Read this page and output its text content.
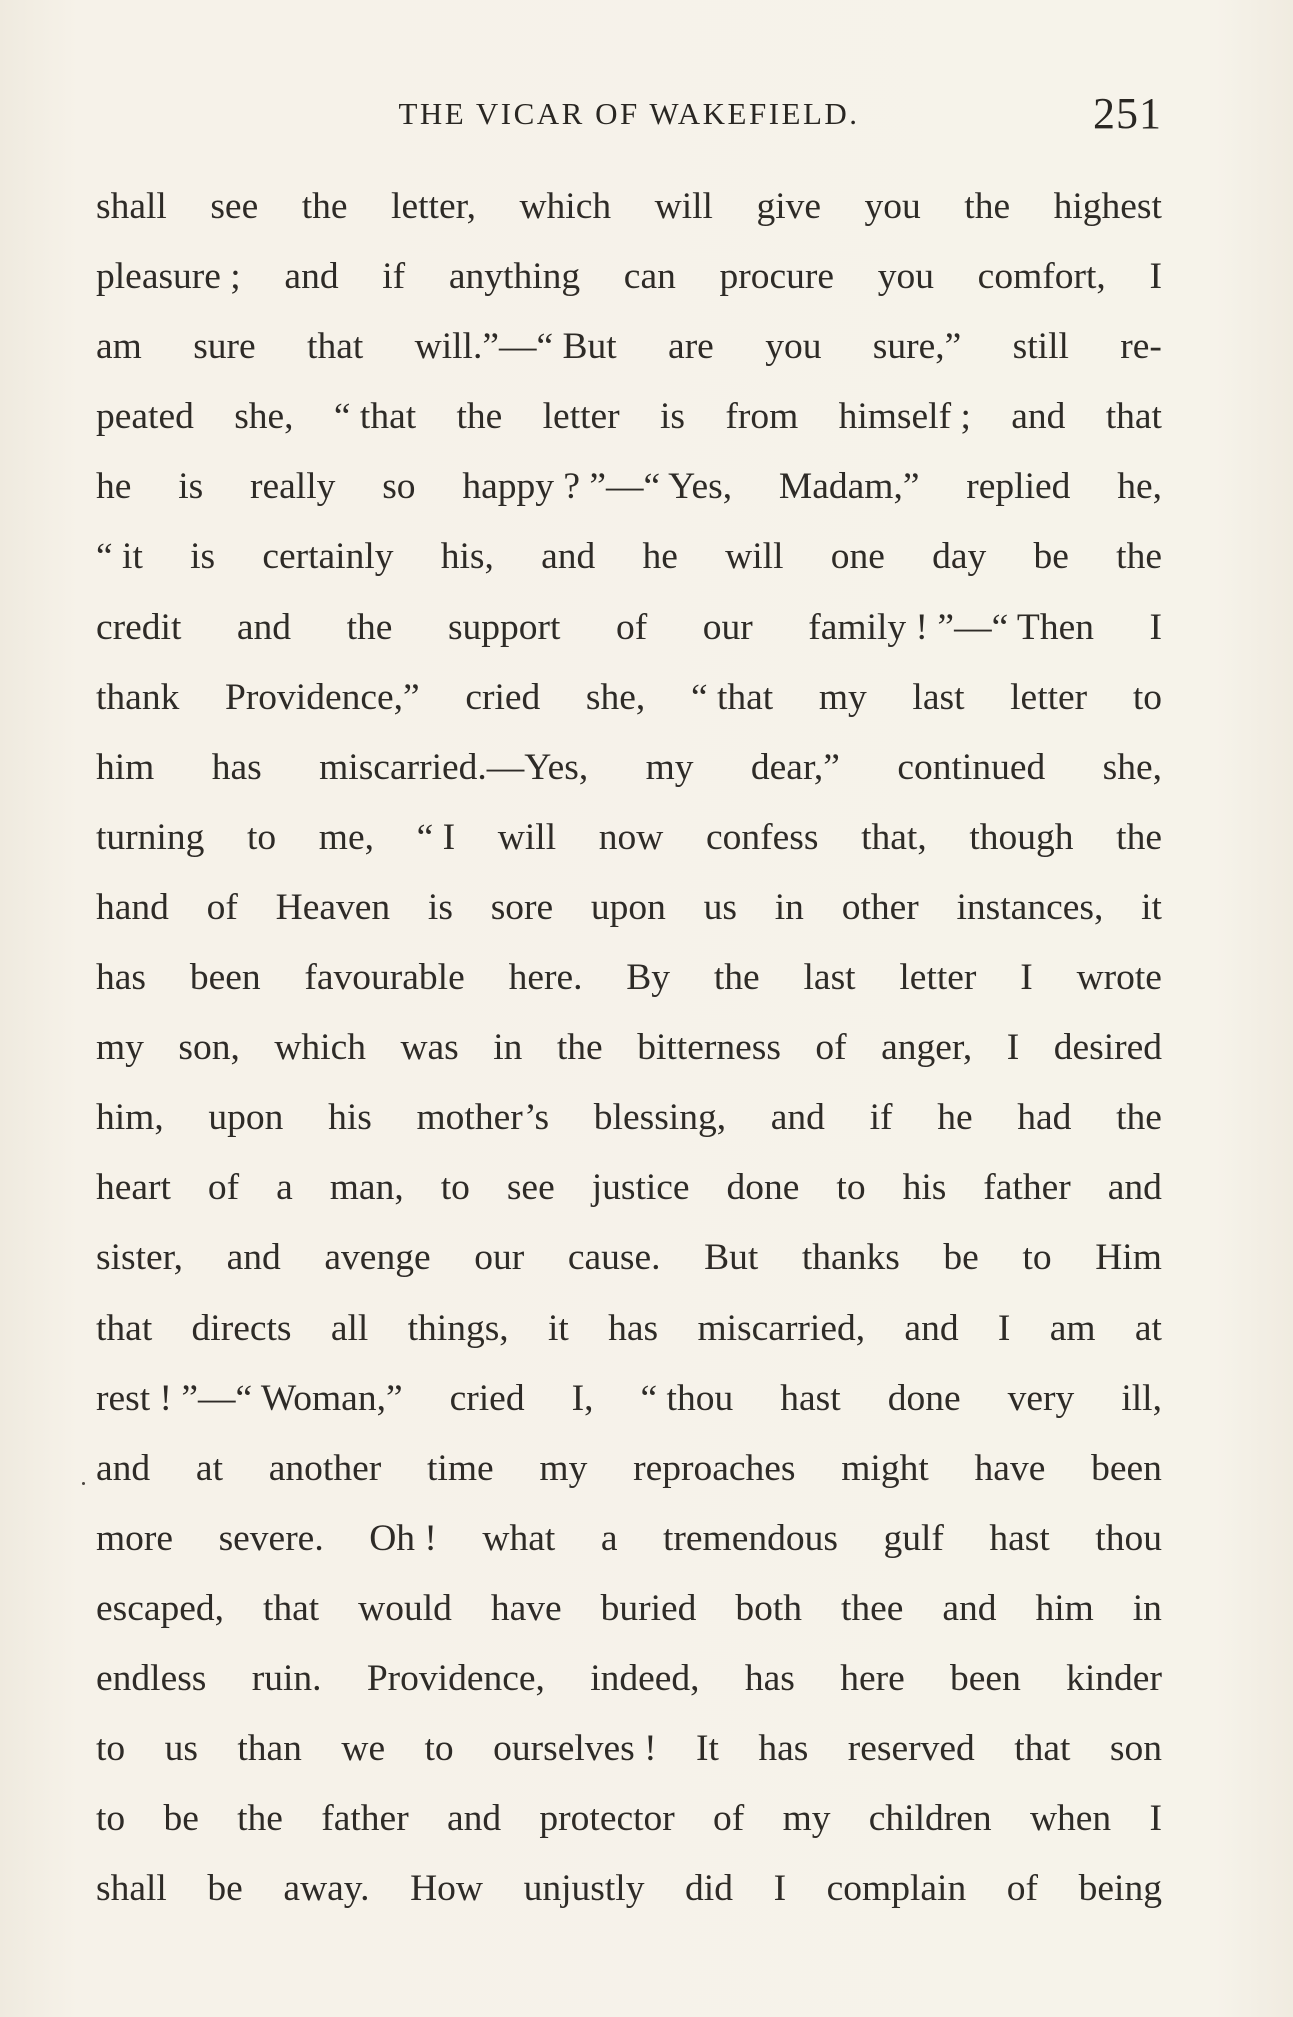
THE VICAR OF WAKEFIELD.	251
shall see the letter, which will give you the highest
pleasure ; and if anything can procure you comfort, I
am sure that will.”—“ But are you sure,” still re-
peated she, “ that the letter is from himself ; and that
he is really so happy ? ”—“ Yes, Madam,” replied he,
“ it is certainly his, and he will one day be the
credit and the support of our family ! ”—“ Then I
thank Providence,” cried she, “ that my last letter to
him has miscarried.—Yes, my dear,” continued she,
turning to me, “ I will now confess that, though the
hand of Heaven is sore upon us in other instances, it
has been favourable here. By the last letter I wrote
my son, which was in the bitterness of anger, I desired
him, upon his mother’s blessing, and if he had the
heart of a man, to see justice done to his father and
sister, and avenge our cause. But thanks be to Him
that directs all things, it has miscarried, and I am at
rest ! ”—“ Woman,” cried I, “ thou hast done very ill,
and at another time my reproaches might have been
more severe. Oh ! what a tremendous gulf hast thou
escaped, that would have buried both thee and him in
endless ruin. Providence, indeed, has here been kinder
to us than we to ourselves ! It has reserved that son
to be the father and protector of my children when I
shall be away. How unjustly did I complain of being
